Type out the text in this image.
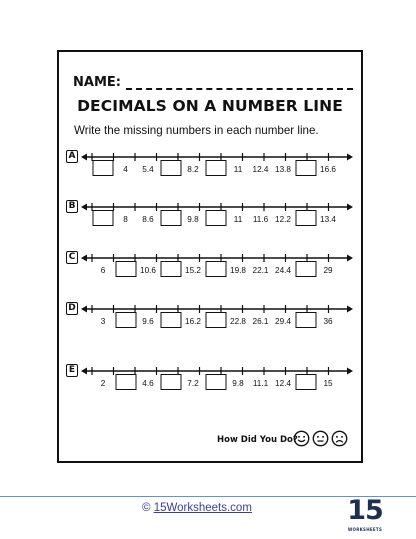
NAME:
DECIMALS ON A NUMBER LINE
Write the missing numbers in each number line.
A
4 5.4	8.2	11 12.4 13.8	16.6
B
8 8.6	9.8	11 11.6 12.2	13.4
C
6	10.6	15.2	19.8 22.1 24.4	29
D
3	9.6	16.2	22.8 26.1 29.4	36
E
2	4.6	7.2	9.8 11.1 12.4	15
How Did You Do?
© 15Worksheets.com	15
WORKSHEETS
